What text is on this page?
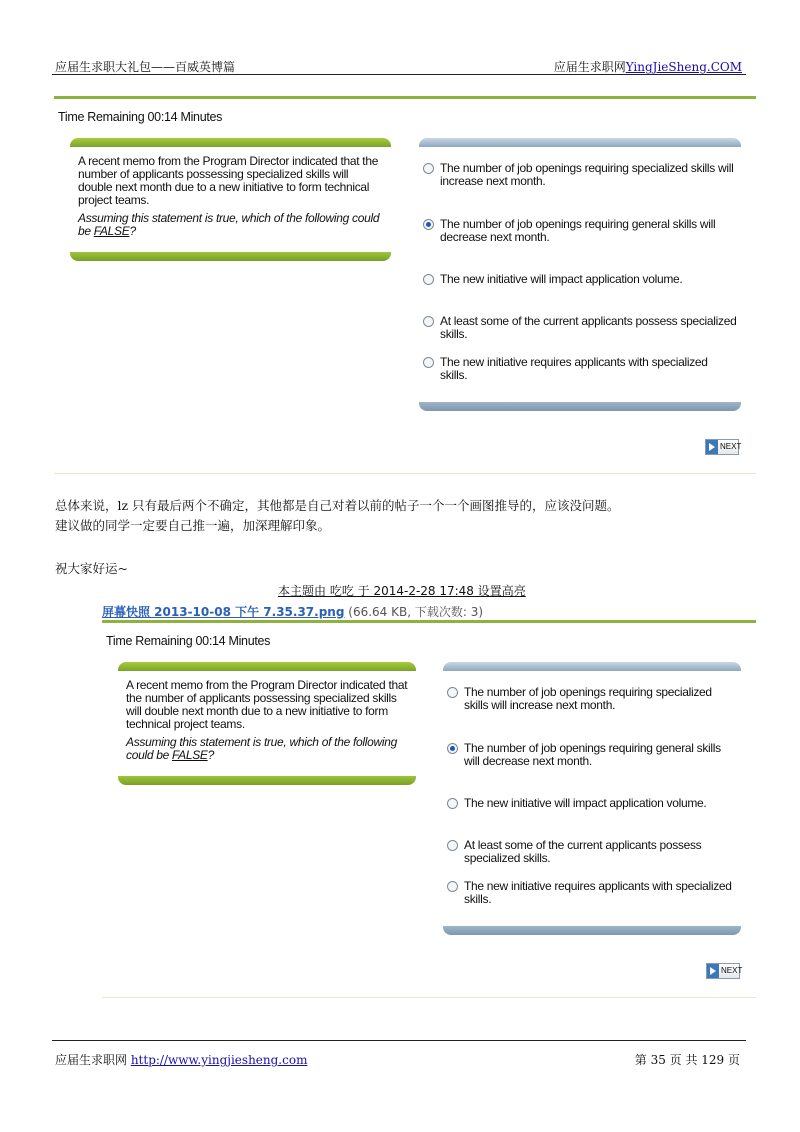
应届生求职大礼包——百威英博篇	应届生求职网YingJieSheng.COM
Time Remaining 00:14 Minutes
A recent memo from the Program Director indicated that the number of applicants possessing specialized skills will double next month due to a new initiative to form technical project teams.
Assuming this statement is true, which of the following could be FALSE?
The number of job openings requiring specialized skills will increase next month.
The number of job openings requiring general skills will decrease next month.
The new initiative will impact application volume.
At least some of the current applicants possess specialized skills.
The new initiative requires applicants with specialized skills.
NEXT
总体来说，lz 只有最后两个不确定，其他都是自己对着以前的帖子一个一个画图推导的，应该没问题。
建议做的同学一定要自己推一遍，加深理解印象。
祝大家好运~
本主题由 吃吃 于 2014-2-28 17:48 设置高亮
屏幕快照 2013-10-08 下午 7.35.37.png (66.64 KB, 下载次数: 3)
Time Remaining 00:14 Minutes
A recent memo from the Program Director indicated that the number of applicants possessing specialized skills will double next month due to a new initiative to form technical project teams.
Assuming this statement is true, which of the following could be FALSE?
The number of job openings requiring specialized skills will increase next month.
The number of job openings requiring general skills will decrease next month.
The new initiative will impact application volume.
At least some of the current applicants possess specialized skills.
The new initiative requires applicants with specialized skills.
NEXT
应届生求职网 http://www.yingjiesheng.com	第 35 页 共 129 页
